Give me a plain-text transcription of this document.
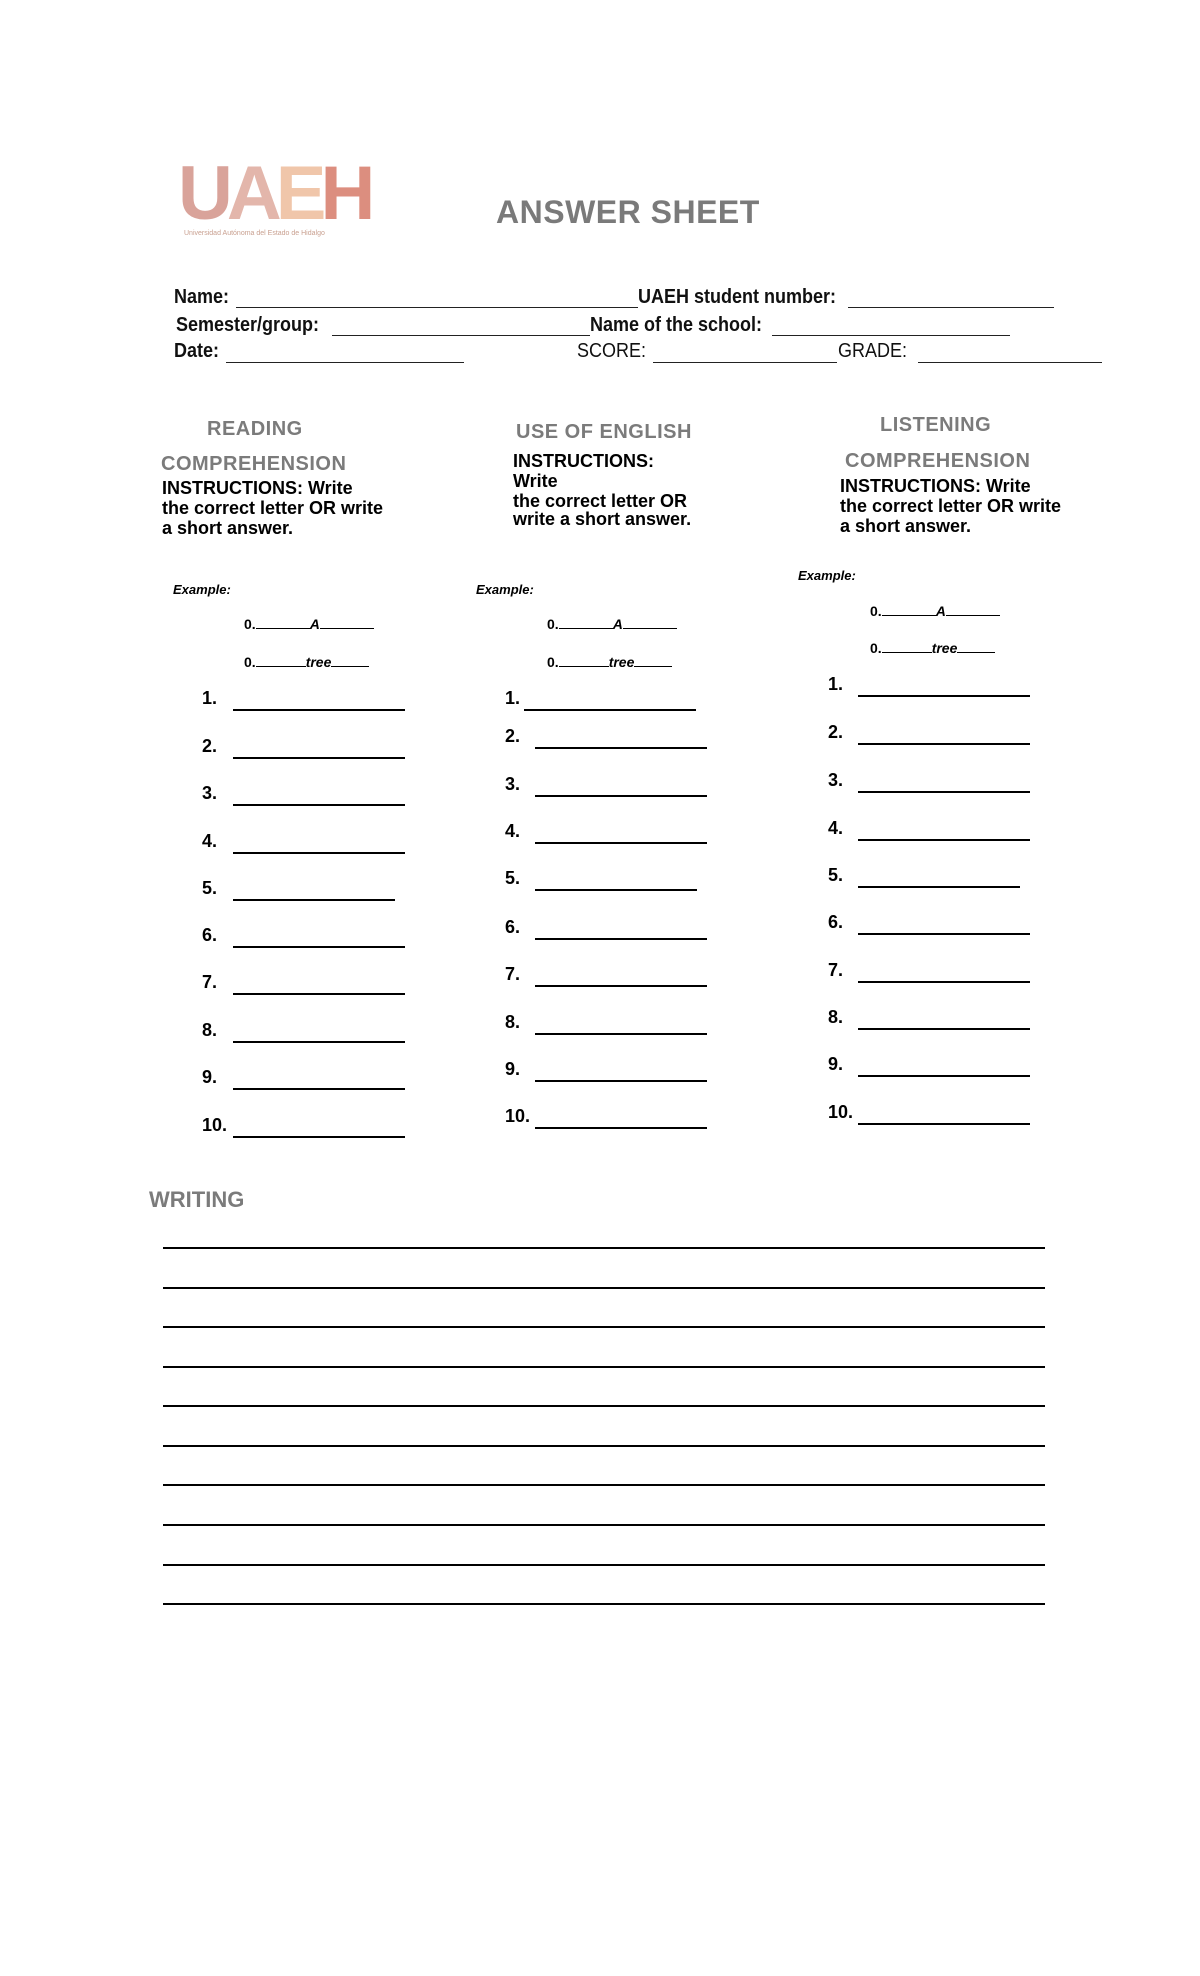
U A E H
Universidad Autónoma del Estado de Hidalgo
ANSWER SHEET
Name:	UAEH student number:
Semester/group:	Name of the school:
Date:	SCORE:	GRADE:
READING
COMPREHENSION
INSTRUCTIONS: Write the correct letter OR write a short answer.
Example:
0.	A
0.	tree
1.
2.
3.
4.
5.
6.
7.
8.
9.
10.
USE OF ENGLISH
INSTRUCTIONS:
Write
the correct letter OR
write a short answer.
Example:
0.	A
0.	tree
1.
2.
3.
4.
5.
6.
7.
8.
9.
10.
LISTENING
COMPREHENSION
INSTRUCTIONS: Write the correct letter OR write a short answer.
Example:
0.	A
0.	tree
1.
2.
3.
4.
5.
6.
7.
8.
9.
10.
WRITING
